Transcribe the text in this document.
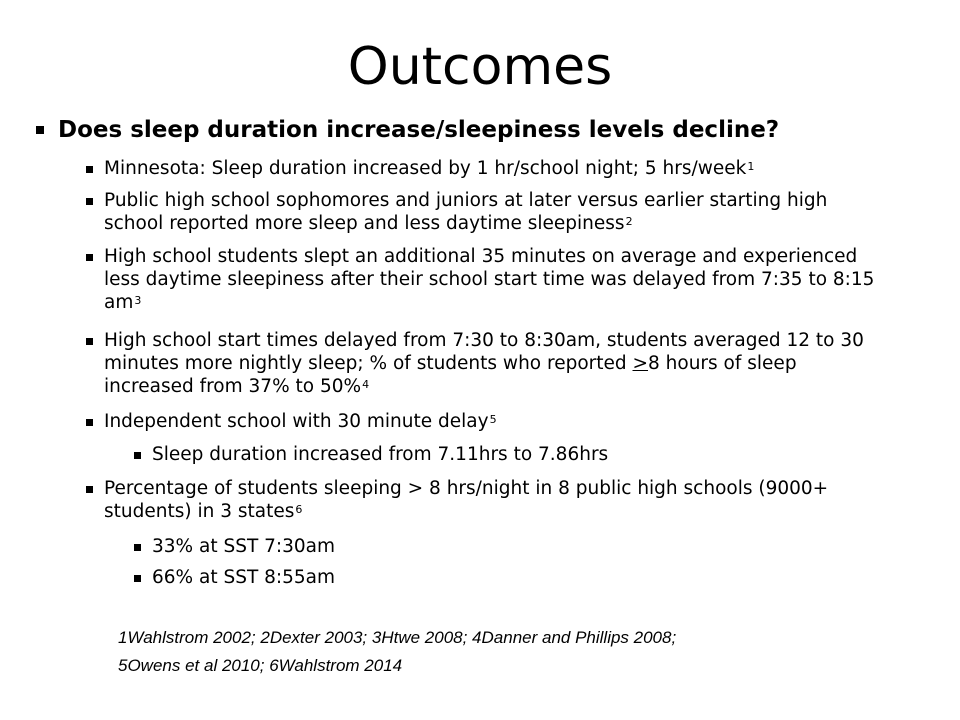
Outcomes
Does sleep duration increase/sleepiness levels decline?
Minnesota: Sleep duration increased by 1 hr/school night; 5 hrs/week$^1$
Public high school sophomores and juniors at later versus earlier starting high school reported more sleep and less daytime sleepiness$^2$
High school students slept an additional 35 minutes on average and experienced less daytime sleepiness after their school start time was delayed from 7:35 to 8:15 $am^3$
High school start times delayed from 7:30 to 8:30am, students averaged 12 to 30 minutes more nightly sleep; % of students who reported >8 hours of sleep increased from 37% to 50%$^4$
Independent school with 30 minute delay$^5$
Sleep duration increased from 7.11hrs to 7.86hrs
Percentage of students sleeping > 8 hrs/night in 8 public high schools (9000+ students) in 3 states$^6$
33% at SST 7:30am
66% at SST 8:55am
1Wahlstrom 2002; 2Dexter 2003; 3Htwe 2008; 4Danner and Phillips 2008;
5Owens et al 2010; 6Wahlstrom 2014
